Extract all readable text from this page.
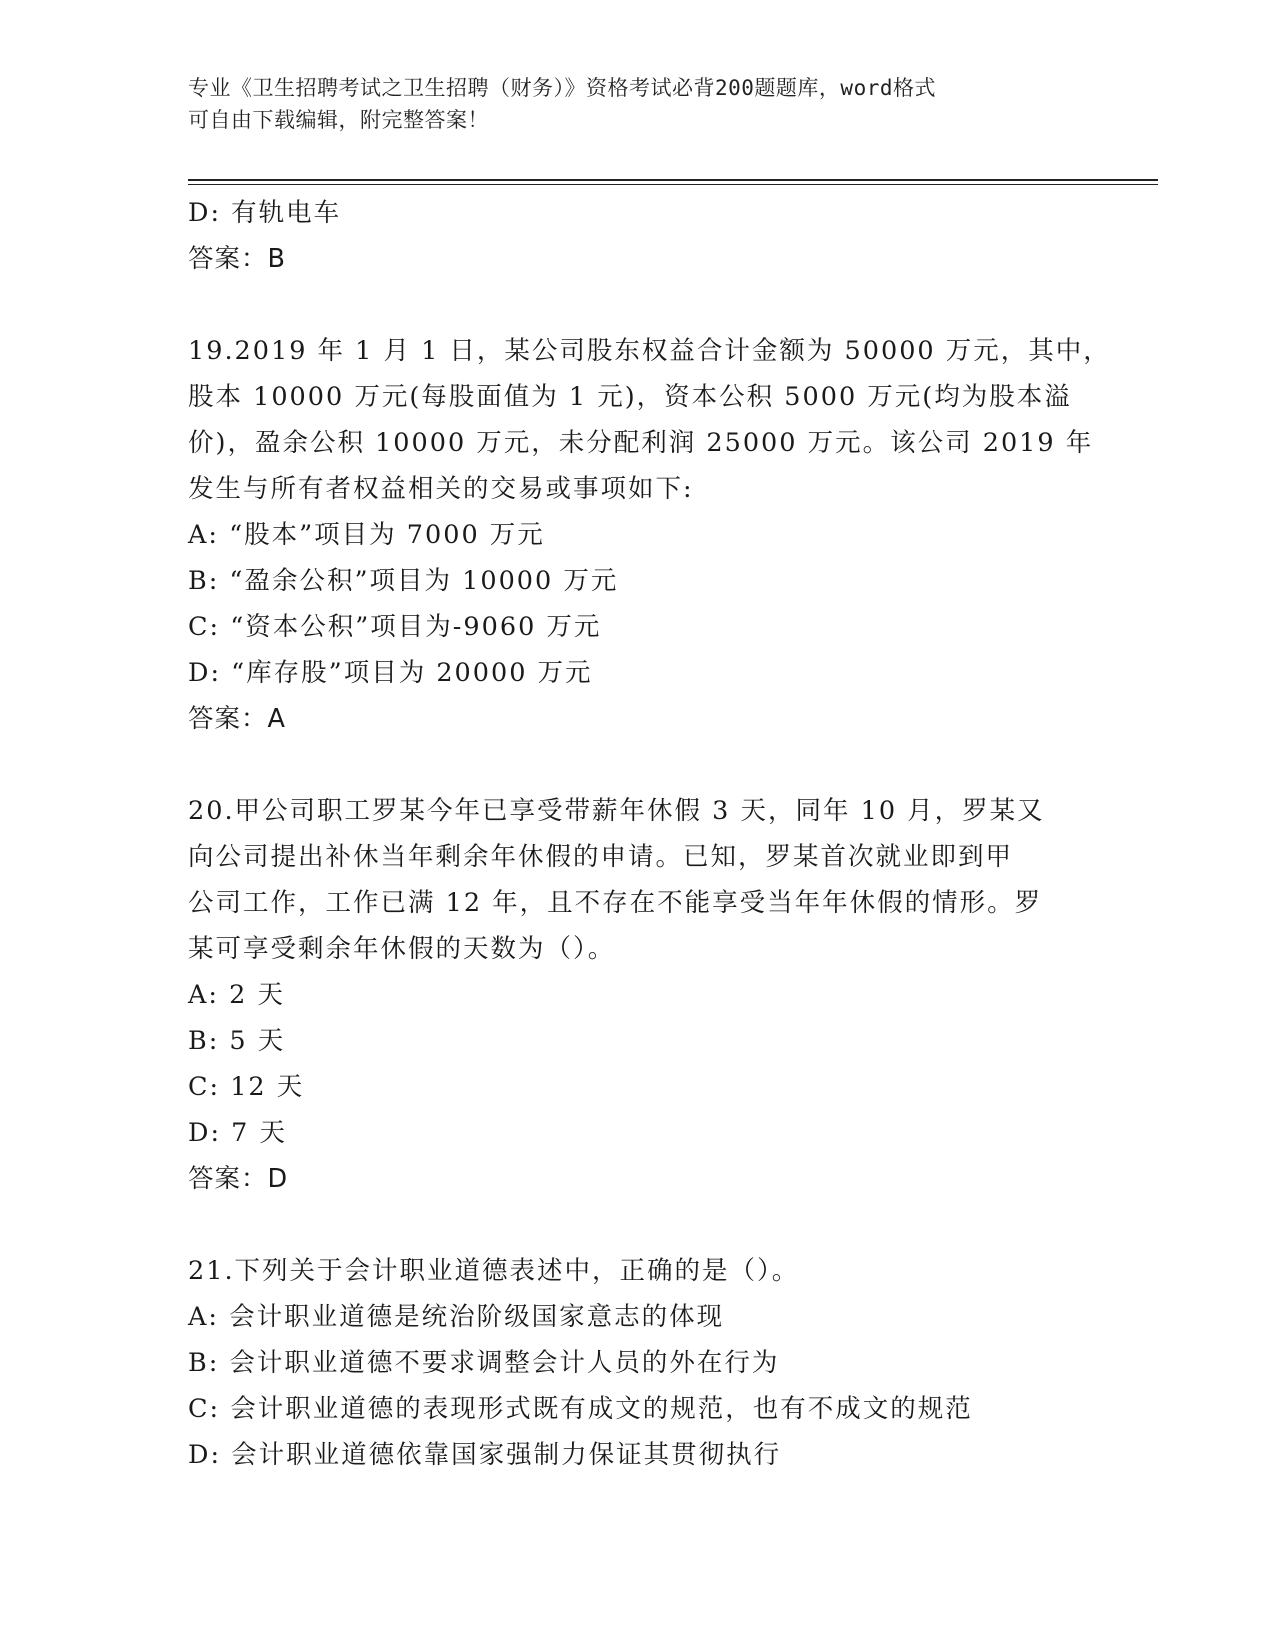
专业《卫生招聘考试之卫生招聘（财务）》资格考试必背200题题库，word格式
可自由下载编辑，附完整答案！
D: 有轨电车
答案：B
19.2019 年 1 月 1 日，某公司股东权益合计金额为 50000 万元，其中，
股本 10000 万元(每股面值为 1 元)，资本公积 5000 万元(均为股本溢
价)，盈余公积 10000 万元，未分配利润 25000 万元。该公司 2019 年
发生与所有者权益相关的交易或事项如下:
A: “股本”项目为 7000 万元
B: “盈余公积”项目为 10000 万元
C: “资本公积”项目为-9060 万元
D: “库存股”项目为 20000 万元
答案：A
20.甲公司职工罗某今年已享受带薪年休假 3 天，同年 10 月，罗某又
向公司提出补休当年剩余年休假的申请。已知，罗某首次就业即到甲
公司工作，工作已满 12 年，且不存在不能享受当年年休假的情形。罗
某可享受剩余年休假的天数为（）。
A: 2 天
B: 5 天
C: 12 天
D: 7 天
答案：D
21.下列关于会计职业道德表述中，正确的是（）。
A: 会计职业道德是统治阶级国家意志的体现
B: 会计职业道德不要求调整会计人员的外在行为
C: 会计职业道德的表现形式既有成文的规范，也有不成文的规范
D: 会计职业道德依靠国家强制力保证其贯彻执行
